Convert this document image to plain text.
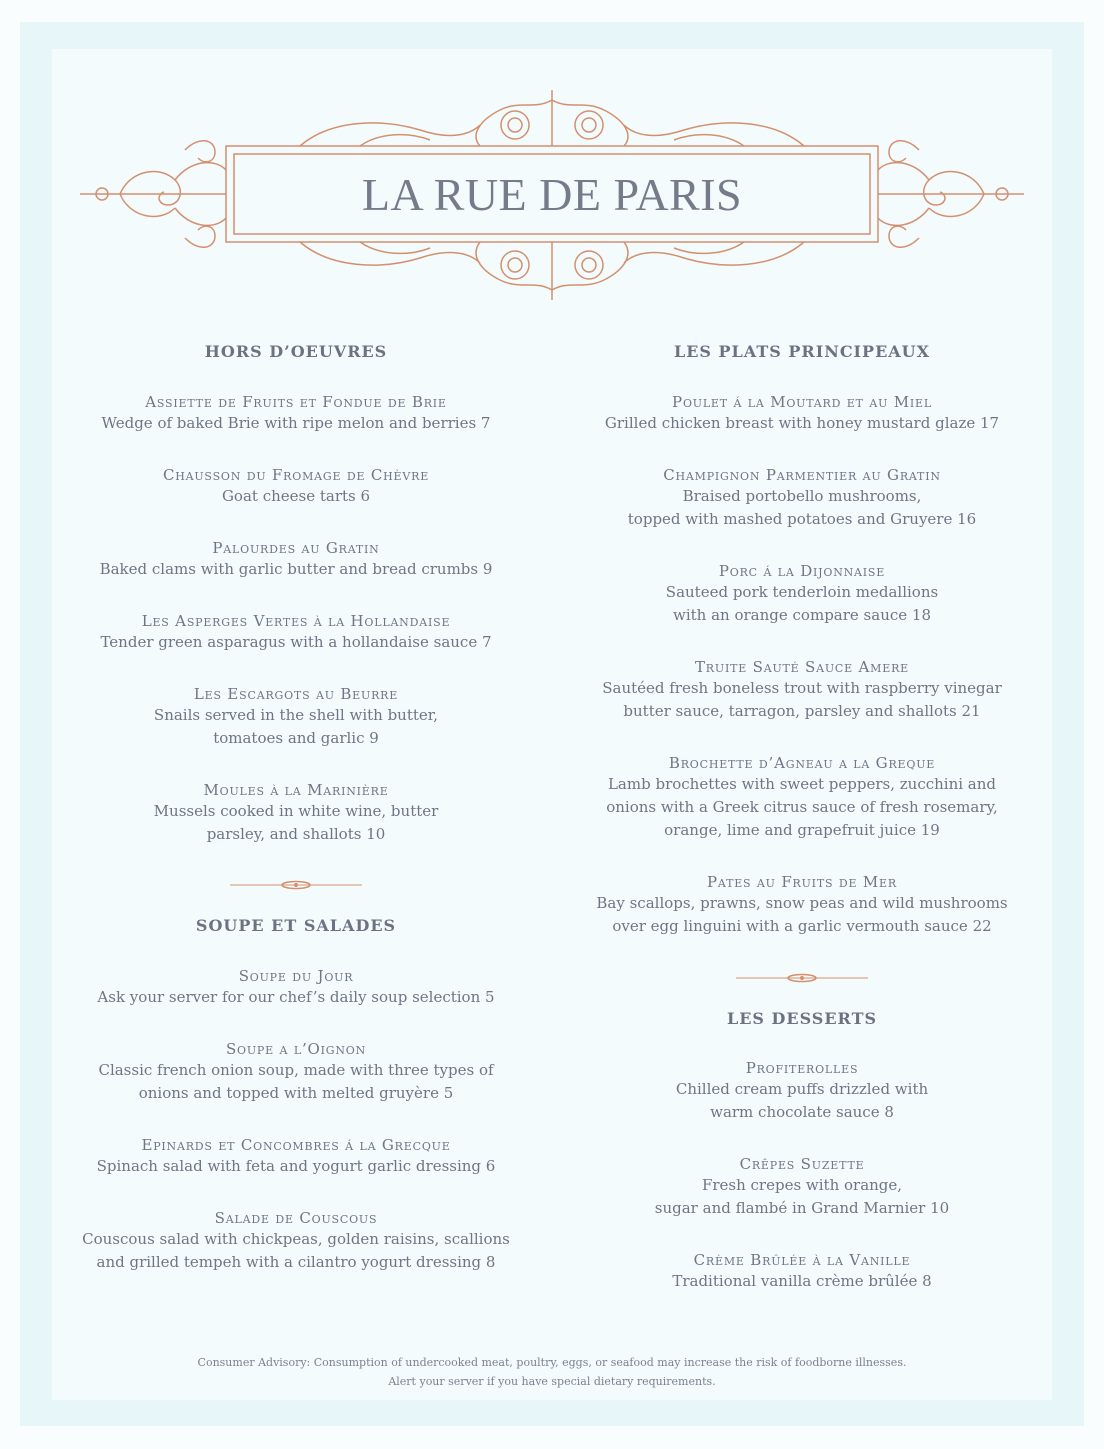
LA RUE DE PARIS
HORS D’OEUVRES
Assiette de Fruits et Fondue de Brie
Wedge of baked Brie with ripe melon and berries 7
Chausson du Fromage de Chèvre
Goat cheese tarts 6
Palourdes au Gratin
Baked clams with garlic butter and bread crumbs 9
Les Asperges Vertes à la Hollandaise
Tender green asparagus with a hollandaise sauce 7
Les Escargots au Beurre
Snails served in the shell with butter,
tomatoes and garlic 9
Moules à la Marinière
Mussels cooked in white wine, butter
parsley, and shallots 10
SOUPE ET SALADES
Soupe du Jour
Ask your server for our chef’s daily soup selection 5
Soupe a l’Oignon
Classic french onion soup, made with three types of
onions and topped with melted gruyère 5
Epinards et Concombres á la Grecque
Spinach salad with feta and yogurt garlic dressing 6
Salade de Couscous
Couscous salad with chickpeas, golden raisins, scallions
and grilled tempeh with a cilantro yogurt dressing 8
LES PLATS PRINCIPEAUX
Poulet á la Moutard et au Miel
Grilled chicken breast with honey mustard glaze 17
Champignon Parmentier au Gratin
Braised portobello mushrooms,
topped with mashed potatoes and Gruyere 16
Porc á la Dijonnaise
Sauteed pork tenderloin medallions
with an orange compare sauce 18
Truite Sauté Sauce Amere
Sautéed fresh boneless trout with raspberry vinegar
butter sauce, tarragon, parsley and shallots 21
Brochette d’Agneau a la Greque
Lamb brochettes with sweet peppers, zucchini and
onions with a Greek citrus sauce of fresh rosemary,
orange, lime and grapefruit juice 19
Pates au Fruits de Mer
Bay scallops, prawns, snow peas and wild mushrooms
over egg linguini with a garlic vermouth sauce 22
LES DESSERTS
Profiterolles
Chilled cream puffs drizzled with
warm chocolate sauce 8
Crêpes Suzette
Fresh crepes with orange,
sugar and flambé in Grand Marnier 10
Crème Brûlée à la Vanille
Traditional vanilla crème brûlée 8
Consumer Advisory: Consumption of undercooked meat, poultry, eggs, or seafood may increase the risk of foodborne illnesses.
Alert your server if you have special dietary requirements.
